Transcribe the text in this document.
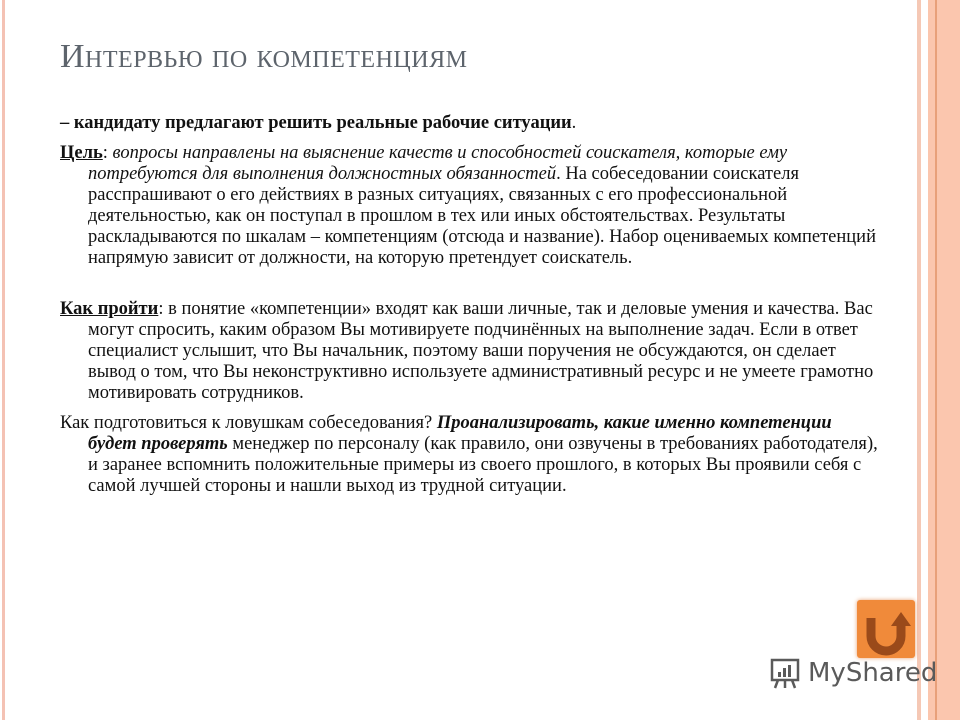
Интервью по компетенциям

– кандидату предлагают решить реальные рабочие ситуации.

Цель: вопросы направлены на выяснение качеств и способностей соискателя, которые ему потребуются для выполнения должностных обязанностей. На собеседовании соискателя расспрашивают о его действиях в разных ситуациях, связанных с его профессиональной деятельностью, как он поступал в прошлом в тех или иных обстоятельствах. Результаты раскладываются по шкалам – компетенциям (отсюда и название). Набор оцениваемых компетенций напрямую зависит от должности, на которую претендует соискатель.

Как пройти: в понятие «компетенции» входят как ваши личные, так и деловые умения и качества. Вас могут спросить, каким образом Вы мотивируете подчинённых на выполнение задач. Если в ответ специалист услышит, что Вы начальник, поэтому ваши поручения не обсуждаются, он сделает вывод о том, что Вы неконструктивно используете административный ресурс и не умеете грамотно мотивировать сотрудников.

Как подготовиться к ловушкам собеседования? Проанализировать, какие именно компетенции будет проверять менеджер по персоналу (как правило, они озвучены в требованиях работодателя), и заранее вспомнить положительные примеры из своего прошлого, в которых Вы проявили себя с самой лучшей стороны и нашли выход из трудной ситуации.

MyShared
